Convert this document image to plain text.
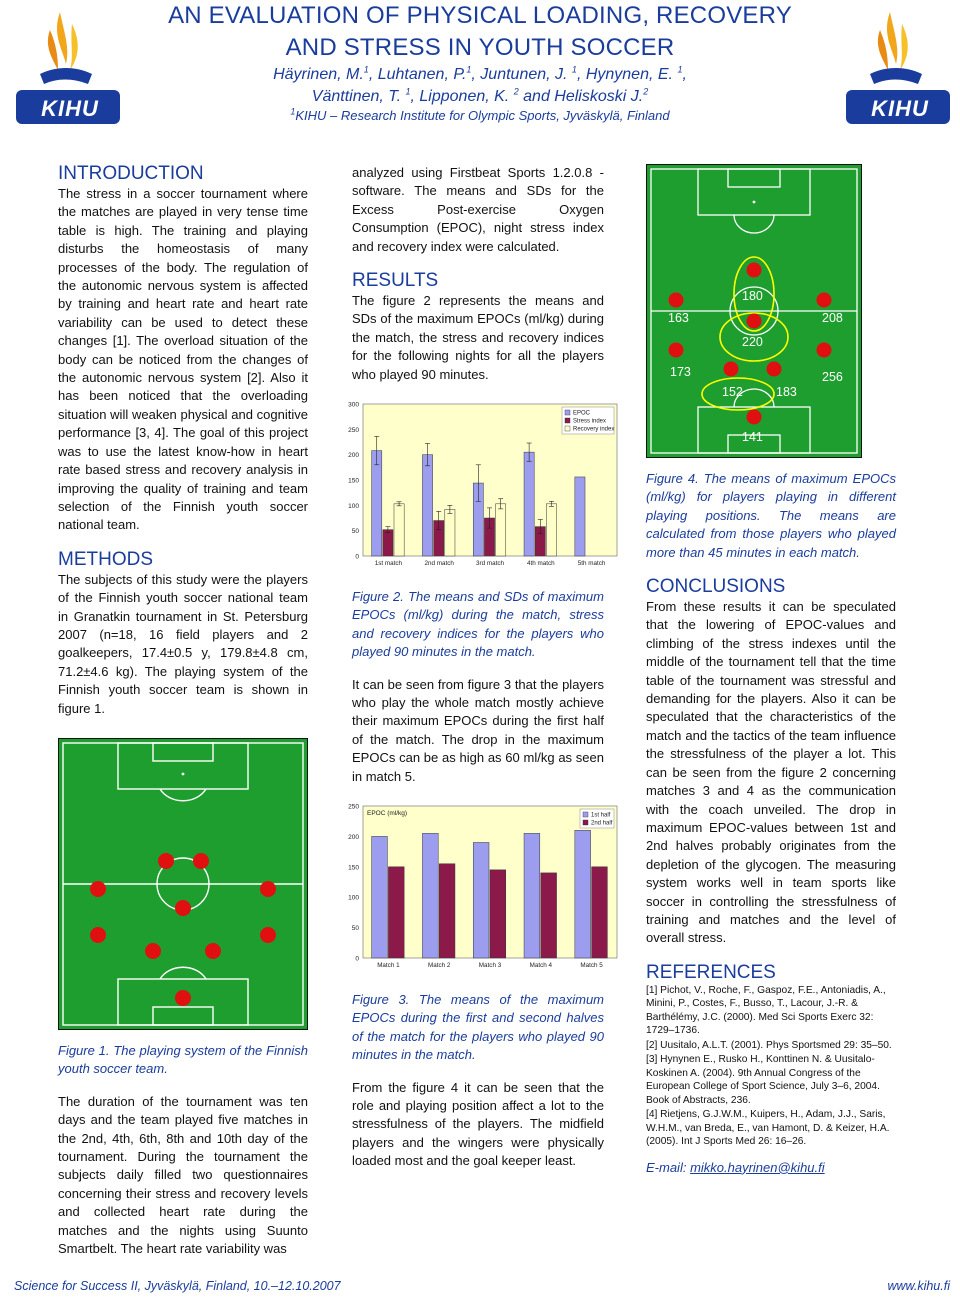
KIHU	KIHU
AN EVALUATION OF PHYSICAL LOADING, RECOVERY
AND STRESS IN YOUTH SOCCER
Häyrinen, M.$^1$, Luhtanen, P.$^1$, Juntunen, J. $^1$, Hynynen, E. $^1$,
Vänttinen, T. $^1$, Lipponen, K. $^2$ and Heliskoski J.$^2$
$^1$KIHU – Research Institute for Olympic Sports, Jyväskylä, Finland
INTRODUCTION

The stress in a soccer tournament where the matches are played in very tense time table is high. The training and playing disturbs the homeostasis of many processes of the body. The regulation of the autonomic nervous system is affected by training and heart rate and heart rate variability can be used to detect these changes [1]. The overload situation of the body can be noticed from the changes of the autonomic nervous system [2]. Also it has been noticed that the overloading situation will weaken physical and cognitive performance [3, 4]. The goal of this project was to use the latest know-how in heart rate based stress and recovery analysis in improving the quality of training and team selection of the Finnish youth soccer national team.

METHODS

The subjects of this study were the players of the Finnish youth soccer national team in Granatkin tournament in St. Petersburg 2007 (n=18, 16 field players and 2 goalkeepers, 17.4±0.5 y, 179.8±4.8 cm, 71.2±4.6 kg). The playing system of the Finnish youth soccer team is shown in figure 1.

Figure 1. The playing system of the Finnish youth soccer team.

The duration of the tournament was ten days and the team played five matches in the 2nd, 4th, 6th, 8th and 10th day of the tournament. During the tournament the subjects daily filled two questionnaires concerning their stress and recovery levels and collected heart rate during the matches and the nights using Suunto Smartbelt. The heart rate variability was

analyzed using Firstbeat Sports 1.2.0.8 - software. The means and SDs for the Excess Post-exercise Oxygen Consumption (EPOC), night stress index and recovery index were calculated.

RESULTS

The figure 2 represents the means and SDs of the maximum EPOCs (ml/kg) during the match, the stress and recovery indices for the following nights for all the players who played 90 minutes.

0
50
100
150
200
250
300
1st match	2nd match	3rd match	4th match	5th match
EPOC
Stress index
Recovery index

Figure 2. The means and SDs of maximum EPOCs (ml/kg) during the match, stress and recovery indices for the players who played 90 minutes in the match.

It can be seen from figure 3 that the players who play the whole match mostly achieve their maximum EPOCs during the first half of the match. The drop in the maximum EPOCs can be as high as 60 ml/kg as seen in match 5.

0
50
100
150
200
250
Match 1	Match 2	Match 3	Match 4	Match 5
1st half
2nd half
EPOC (ml/kg)

Figure 3. The means of the maximum EPOCs during the first and second halves of the match for the players who played 90 minutes in the match.

From the figure 4 it can be seen that the role and playing position affect a lot to the stressfulness of the players. The midfield players and the wingers were physically loaded most and the goal keeper least.

180
163	208
220
173	256
152	183
141

Figure 4. The means of maximum EPOCs (ml/kg) for players playing in different playing positions. The means are calculated from those players who played more than 45 minutes in each match.

CONCLUSIONS

From these results it can be speculated that the lowering of EPOC-values and climbing of the stress indexes until the middle of the tournament tell that the time table of the tournament was stressful and demanding for the players. Also it can be speculated that the characteristics of the match and the tactics of the team influence the stressfulness of the player a lot. This can be seen from the figure 2 concerning matches 3 and 4 as the communication with the coach unveiled. The drop in maximum EPOC-values between 1st and 2nd halves probably originates from the depletion of the glycogen. The measuring system works well in team sports like soccer in controlling the stressfulness of training and matches and the level of overall stress.

REFERENCES

[1] Pichot, V., Roche, F., Gaspoz, F.E., Antoniadis, A., Minini, P., Costes, F., Busso, T., Lacour, J.-R. & Barthélémy, J.C. (2000). Med Sci Sports Exerc 32: 1729–1736.

[2] Uusitalo, A.L.T. (2001). Phys Sportsmed 29: 35–50.

[3] Hynynen E., Rusko H., Konttinen N. & Uusitalo-Koskinen A. (2004). 9th Annual Congress of the European College of Sport Science, July 3–6, 2004. Book of Abstracts, 236.

[4] Rietjens, G.J.W.M., Kuipers, H., Adam, J.J., Saris, W.H.M., van Breda, E., van Hamont, D. & Keizer, H.A. (2005). Int J Sports Med 26: 16–26.

E-mail: mikko.hayrinen@kihu.fi

Science for Success II, Jyväskylä, Finland, 10.–12.10.2007	www.kihu.fi
